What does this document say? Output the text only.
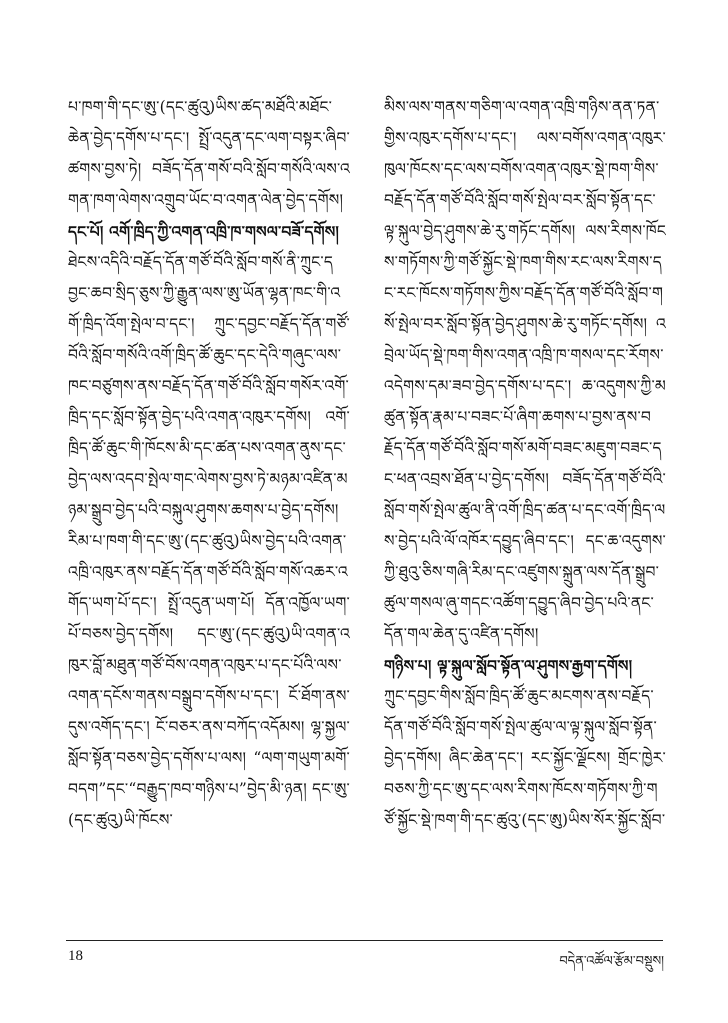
པ་ཁག་གི་དང་ཨུ་(དང་ཚུའུ)ཡིས་ཚད་མཐོའི་མཐོང་ཆེན་བྱེད་དགོས་པ་དང་། སྤྲོ་འདུན་དང་ལག་བསྟར་ཞིབ་ཚགས་བྱས་ཏེ། བཟོད་དོན་གསོ་བའི་སློབ་གསོའི་ལས་འགན་ཁག་ལེགས་འགྲུབ་ཡོང་བ་འགན་ལེན་བྱེད་དགོས།

དང་པོ། འགོ་ཁྲིད་ཀྱི་འགན་འཁྲི་ཁ་གསལ་བཟོ་དགོས།

ཐེངས་འདིའི་བརྗོད་དོན་གཙོ་བོའི་སློབ་གསོ་ནི་ཀྲུང་དབྱང་ཆབ་སྲིད་ཅུས་ཀྱི་རྒྱུན་ལས་ཨུ་ཡོན་ལྷན་ཁང་གི་འགོ་ཁྲིད་འོག་སྤེལ་བ་དང་། ཀྲུང་དབྱང་བརྗོད་དོན་གཙོ་བོའི་སློབ་གསོའི་འགོ་ཁྲིད་ཚོ་ཆུང་དང་དེའི་གཞུང་ལས་ཁང་བཙུགས་ནས་བརྗོད་དོན་གཙོ་བོའི་སློབ་གསོར་འགོ་ཁྲིད་དང་སློབ་སྟོན་བྱེད་པའི་འགན་འཁུར་དགོས། འགོ་ཁྲིད་ཚོ་ཆུང་གི་ཁོངས་མི་དང་ཚན་པས་འགན་ནུས་དང་བྱེད་ལས་འདབ་སྤེལ་གང་ལེགས་བྱས་ཏེ་མཉམ་འཛིན་མཉམ་སྒྲུབ་བྱེད་པའི་བསྐུལ་ཤུགས་ཆགས་པ་བྱེད་དགོས། རིམ་པ་ཁག་གི་དང་ཨུ་(དང་ཚུའུ)ཡིས་བྱེད་པའི་འགན་འཁྲི་འཁུར་ནས་བརྗོད་དོན་གཙོ་བོའི་སློབ་གསོ་འཆར་འགོད་ཡག་པོ་དང་། སྤྲོ་འདུན་ཡག་པོ། དོན་འཁྱོལ་ཡག་པོ་བཅས་བྱེད་དགོས། དང་ཨུ་(དང་ཚུའུ)ཡི་འགན་འཁུར་བློ་མཐུན་གཙོ་བོས་འགན་འཁུར་པ་དང་པོའི་ལས་འགན་དངོས་གནས་བསྒྲུབ་དགོས་པ་དང་། ངོ་ཐོག་ནས་དུས་འགོད་དང་། ངོ་བཅར་ནས་བཀོད་འདོམས། ལྷ་སྐྱལ་སློབ་སྟོན་བཅས་བྱེད་དགོས་པ་ལས། “ལག་གཡུག་མགོ་བདག”དང་“བརྒྱུད་ཁབ་གཉིས་པ”བྱེད་མི་ཉན། དང་ཨུ་(དང་ཚུའུ)ཡི་ཁོངས་

མིས་ལས་གནས་གཅིག་ལ་འགན་འཁྲི་གཉིས་ནན་ཏན་གྱིས་འཁུར་དགོས་པ་དང་། ལས་བགོས་འགན་འཁུར་ཁུལ་ཁོངས་དང་ལས་བགོས་འགན་འཁུར་སྡེ་ཁག་གིས་བརྗོད་དོན་གཙོ་བོའི་སློབ་གསོ་སྤེལ་བར་སློབ་སྟོན་དང་ལྟ་སྐུལ་བྱེད་ཤུགས་ཆེ་རུ་གཏོང་དགོས། ལས་རིགས་ཁོངས་གཏོགས་ཀྱི་གཙོ་སྐྱོང་སྡེ་ཁག་གིས་རང་ལས་རིགས་དང་རང་ཁོངས་གཏོགས་ཀྱིས་བརྗོད་དོན་གཙོ་བོའི་སློབ་གསོ་སྤེལ་བར་སློབ་སྟོན་བྱེད་ཤུགས་ཆེ་རུ་གཏོང་དགོས། འབྲེལ་ཡོད་སྡེ་ཁག་གིས་འགན་འཁྲི་ཁ་གསལ་དང་རོགས་འདེགས་དམ་ཟབ་བྱེད་དགོས་པ་དང་། ཆ་འདུགས་ཀྱི་མཚུན་སྟོན་རྣམ་པ་བཟང་པོ་ཞིག་ཆགས་པ་བྱས་ནས་བརྗོད་དོན་གཙོ་བོའི་སློབ་གསོ་མགོ་བཟང་མཇུག་བཟང་དང་ཕན་འབྲས་ཐོན་པ་བྱེད་དགོས། བཟོད་དོན་གཙོ་བོའི་སློབ་གསོ་སྤེལ་ཚུལ་ནི་འགོ་ཁྲིད་ཚན་པ་དང་འགོ་ཁྲིད་ལས་བྱེད་པའི་ལོ་འཁོར་དབྱུད་ཞིབ་དང་། དང་ཆ་འདུགས་ཀྱི་ཐུའུ་ཅིས་གཞི་རིམ་དང་འཛུགས་སྐྲུན་ལས་དོན་སྒྲུབ་ཚུལ་གསལ་ཞུ་གདང་འཚོག་དབྱུད་ཞིབ་བྱེད་པའི་ནང་དོན་གལ་ཆེན་དུ་འཛིན་དགོས།

གཉིས་པ། ལྟ་སྐུལ་སློབ་སྟོན་ལ་ཤུགས་རྒྱག་དགོས།

ཀྲུང་དབྱང་གིས་སློབ་ཁྲིད་ཚོ་ཆུང་མངགས་ནས་བརྗོད་དོན་གཙོ་བོའི་སློབ་གསོ་སྤེལ་ཚུལ་ལ་ལྟ་སྐུལ་སློབ་སྟོན་བྱེད་དགོས། ཞིང་ཆེན་དང་། རང་སྐྱོང་ལྗོངས། གྲོང་ཁྱེར་བཅས་ཀྱི་དང་ཨུ་དང་ལས་རིགས་ཁོངས་གཏོགས་ཀྱི་གཙོ་སྐྱོང་སྡེ་ཁག་གི་དང་ཚུའུ་(དང་ཨུ)ཡིས་སོར་སྐྱོང་སློབ་

18	བདེན་འཚོལ་རྩོམ་བསྡུས།
